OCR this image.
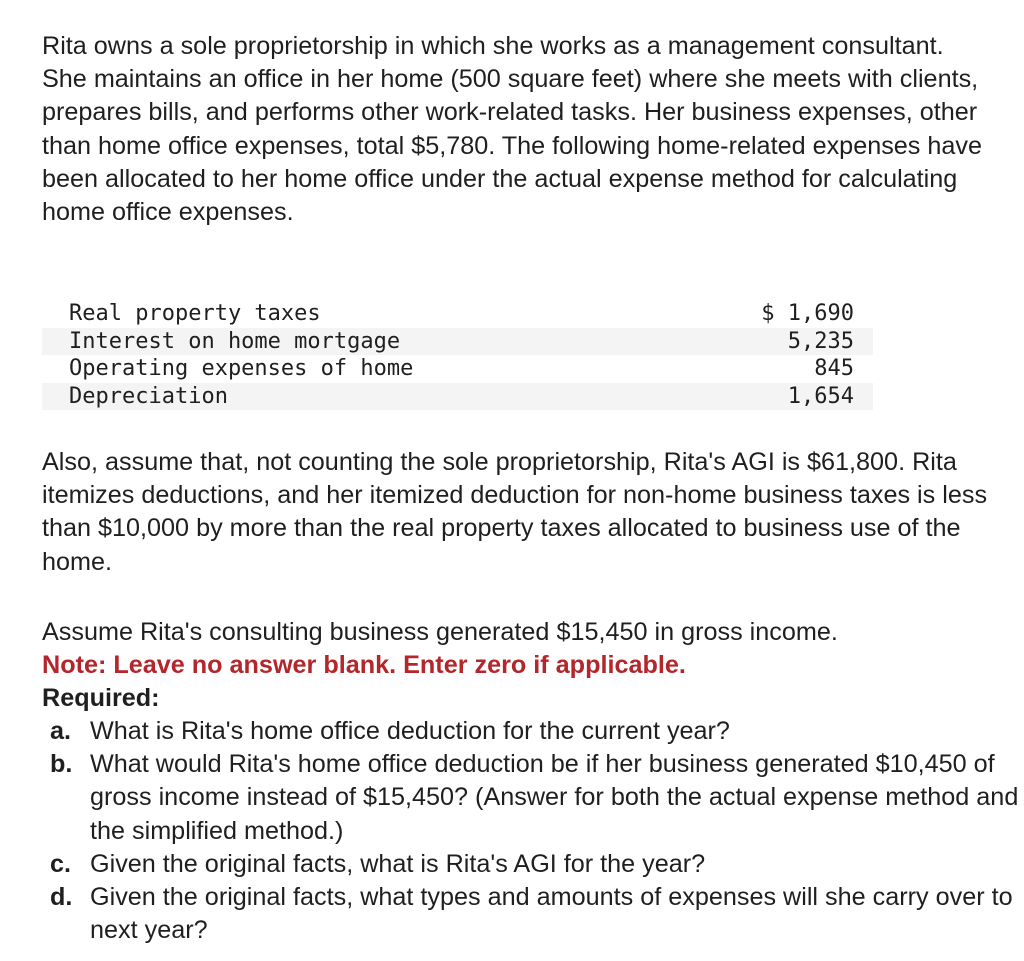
Rita owns a sole proprietorship in which she works as a management consultant. She maintains an office in her home (500 square feet) where she meets with clients, prepares bills, and performs other work-related tasks. Her business expenses, other than home office expenses, total $5,780. The following home-related expenses have been allocated to her home office under the actual expense method for calculating home office expenses.

Real property taxes	$ 1,690
Interest on home mortgage	5,235
Operating expenses of home	845
Depreciation	1,654

Also, assume that, not counting the sole proprietorship, Rita's AGI is $61,800. Rita itemizes deductions, and her itemized deduction for non-home business taxes is less than $10,000 by more than the real property taxes allocated to business use of the home.

Assume Rita's consulting business generated $15,450 in gross income.
Note: Leave no answer blank. Enter zero if applicable.
Required:
a. What is Rita's home office deduction for the current year?
b. What would Rita's home office deduction be if her business generated $10,450 of gross income instead of $15,450? (Answer for both the actual expense method and the simplified method.)
c. Given the original facts, what is Rita's AGI for the year?
d. Given the original facts, what types and amounts of expenses will she carry over to next year?
